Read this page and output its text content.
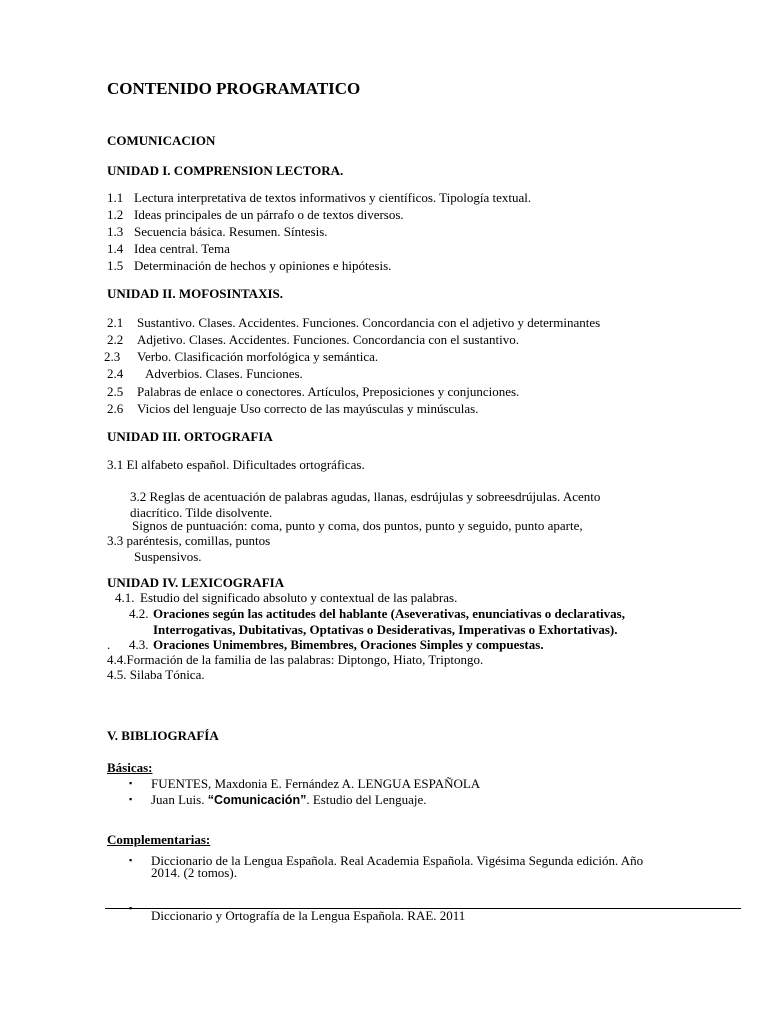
CONTENIDO PROGRAMATICO
COMUNICACION
UNIDAD I. COMPRENSION LECTORA.
1.1 Lectura interpretativa de textos informativos y científicos. Tipología textual.
1.2 Ideas principales de un párrafo o de textos diversos.
1.3 Secuencia básica. Resumen. Síntesis.
1.4 Idea central. Tema
1.5 Determinación de hechos y opiniones e hipótesis.
UNIDAD II. MOFOSINTAXIS.
2.1 Sustantivo. Clases. Accidentes. Funciones. Concordancia con el adjetivo y determinantes
2.2 Adjetivo. Clases. Accidentes. Funciones. Concordancia con el sustantivo.
2.3 Verbo. Clasificación morfológica y semántica.
2.4 Adverbios. Clases. Funciones.
2.5 Palabras de enlace o conectores. Artículos, Preposiciones y conjunciones.
2.6 Vicios del lenguaje Uso correcto de las mayúsculas y minúsculas.
UNIDAD III. ORTOGRAFIA
3.1 El alfabeto español. Dificultades ortográficas.
3.2 Reglas de acentuación de palabras agudas, llanas, esdrújulas y sobreesdrújulas. Acento
diacrítico. Tilde disolvente.
Signos de puntuación: coma, punto y coma, dos puntos, punto y seguido, punto aparte,
3.3 paréntesis, comillas, puntos
Suspensivos.
UNIDAD IV. LEXICOGRAFIA
4.1. Estudio del significado absoluto y contextual de las palabras.
4.2. Oraciones según las actitudes del hablante (Aseverativas, enunciativas o declarativas,
Interrogativas, Dubitativas, Optativas o Desiderativas, Imperativas o Exhortativas).
. 4.3. Oraciones Unimembres, Bimembres, Oraciones Simples y compuestas.
4.4.Formación de la familia de las palabras: Diptongo, Hiato, Triptongo.
4.5. Silaba Tónica.
V. BIBLIOGRAFÍA
Básicas:
▪ FUENTES, Maxdonia E. Fernández A. LENGUA ESPAÑOLA
▪ Juan Luis. “Comunicación”. Estudio del Lenguaje.
Complementarias:
▪ Diccionario de la Lengua Española. Real Academia Española. Vigésima Segunda edición. Año
2014. (2 tomos).
Diccionario y Ortografía de la Lengua Española. RAE. 2011
